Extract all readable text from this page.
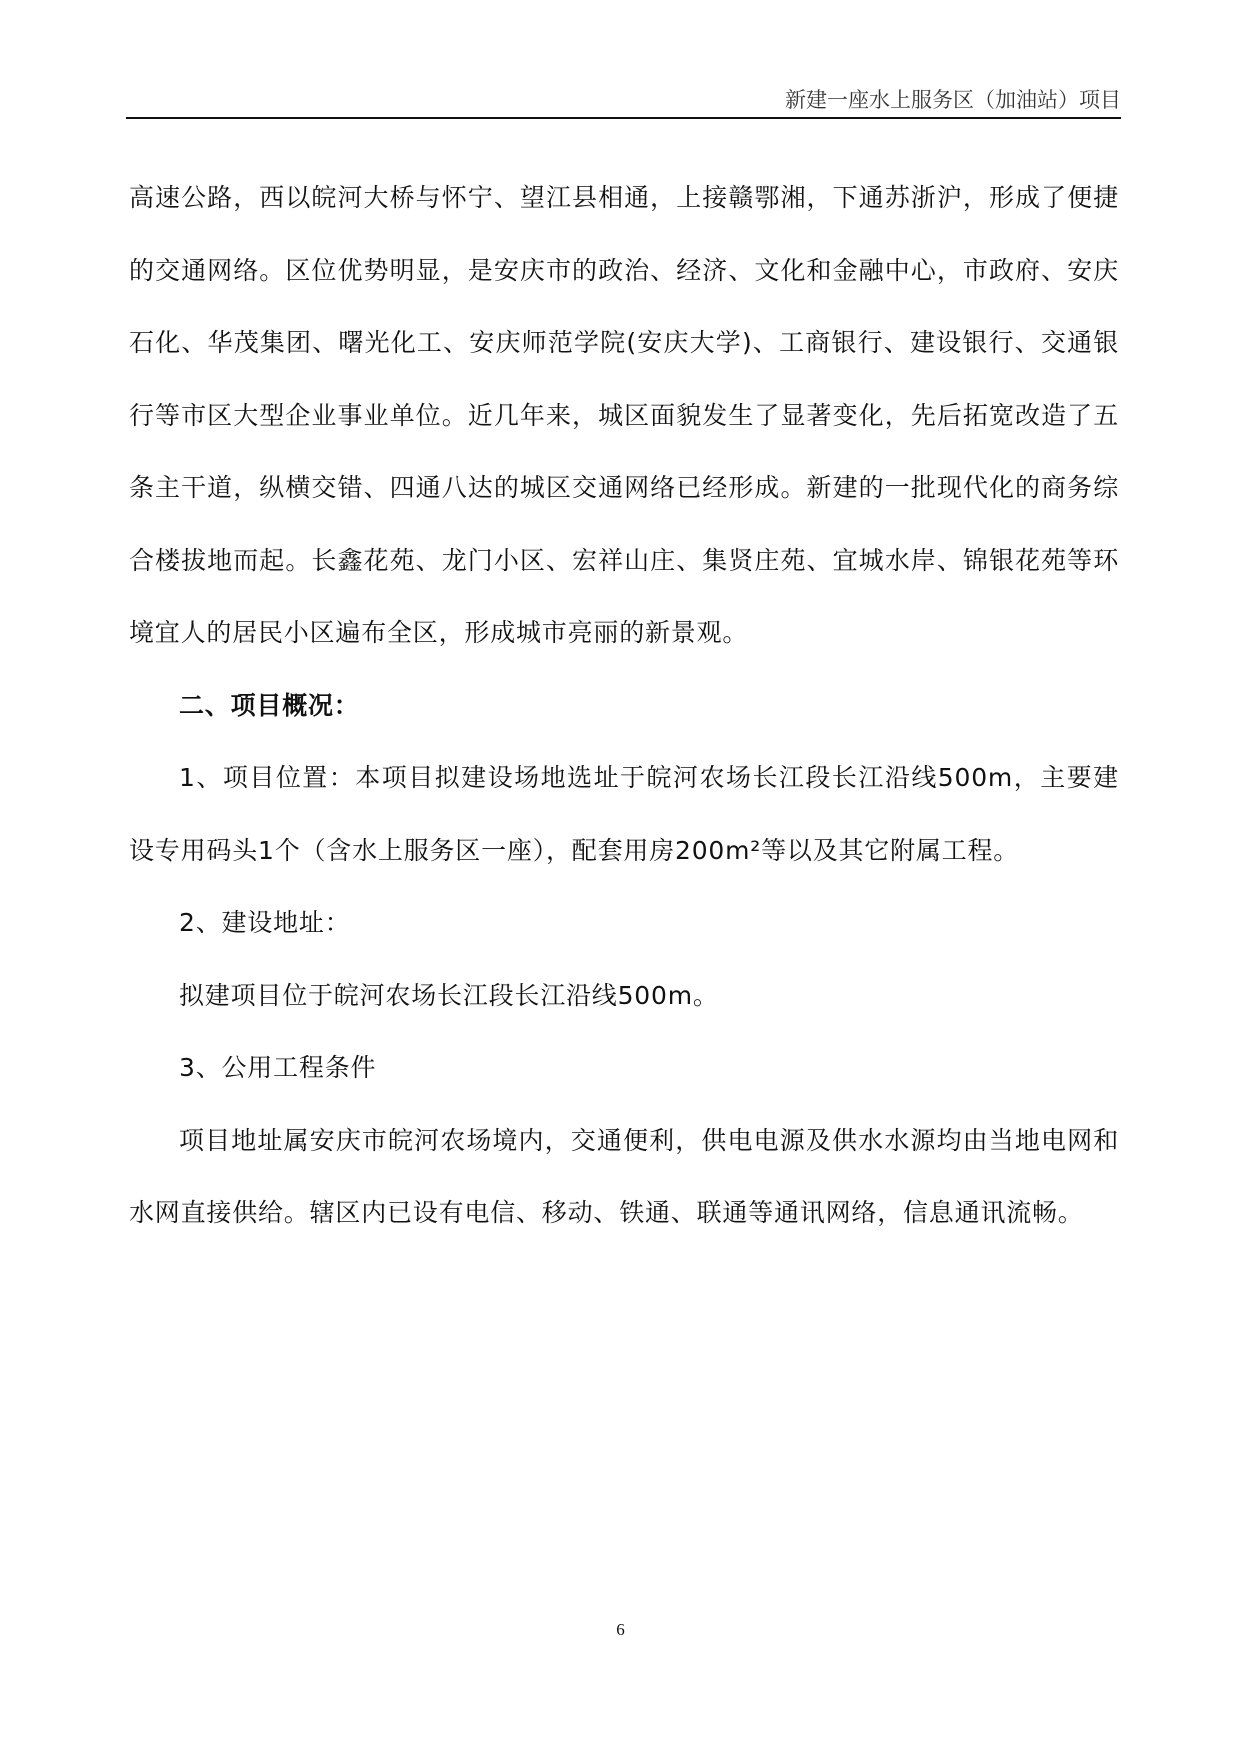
新建一座水上服务区（加油站）项目

高速公路，西以皖河大桥与怀宁、望江县相通，上接赣鄂湘，下通苏浙沪，形成了便捷的交通网络。区位优势明显，是安庆市的政治、经济、文化和金融中心，市政府、安庆石化、华茂集团、曙光化工、安庆师范学院(安庆大学)、工商银行、建设银行、交通银行等市区大型企业事业单位。近几年来，城区面貌发生了显著变化，先后拓宽改造了五条主干道，纵横交错、四通八达的城区交通网络已经形成。新建的一批现代化的商务综合楼拔地而起。长鑫花苑、龙门小区、宏祥山庄、集贤庄苑、宜城水岸、锦银花苑等环境宜人的居民小区遍布全区，形成城市亮丽的新景观。

二、项目概况：

1、项目位置：本项目拟建设场地选址于皖河农场长江段长江沿线500m，主要建设专用码头1个（含水上服务区一座），配套用房200m²等以及其它附属工程。

2、建设地址：

拟建项目位于皖河农场长江段长江沿线500m。

3、公用工程条件

项目地址属安庆市皖河农场境内，交通便利，供电电源及供水水源均由当地电网和水网直接供给。辖区内已设有电信、移动、铁通、联通等通讯网络，信息通讯流畅。

6
